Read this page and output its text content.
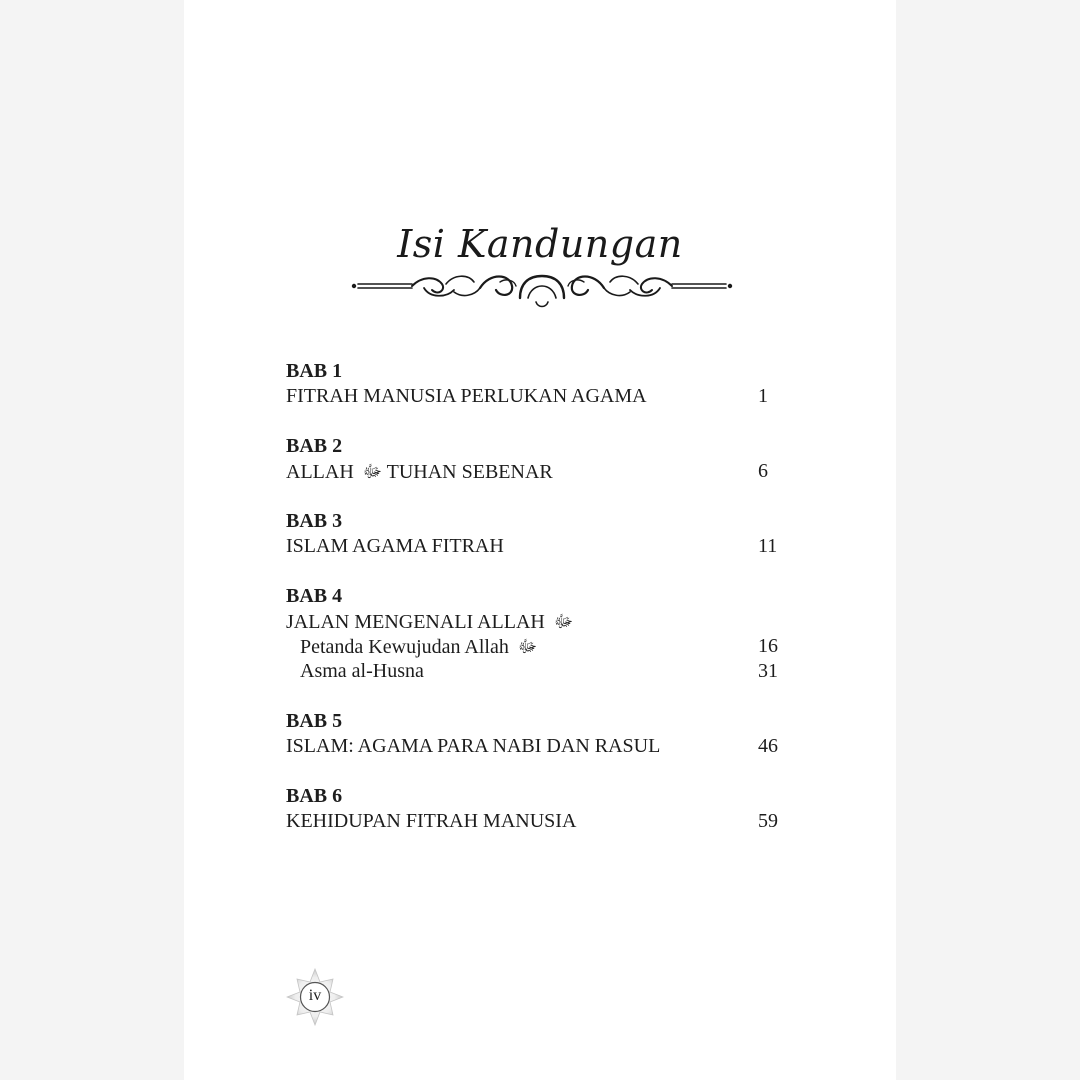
Isi Kandungan
BAB 1
FITRAH MANUSIA PERLUKAN AGAMA	1
BAB 2
ALLAH ﷻ TUHAN SEBENAR	6
BAB 3
ISLAM AGAMA FITRAH	11
BAB 4
JALAN MENGENALI ALLAH ﷻ
Petanda Kewujudan Allah ﷻ	16
Asma al-Husna	31
BAB 5
ISLAM: AGAMA PARA NABI DAN RASUL	46
BAB 6
KEHIDUPAN FITRAH MANUSIA	59
iv
